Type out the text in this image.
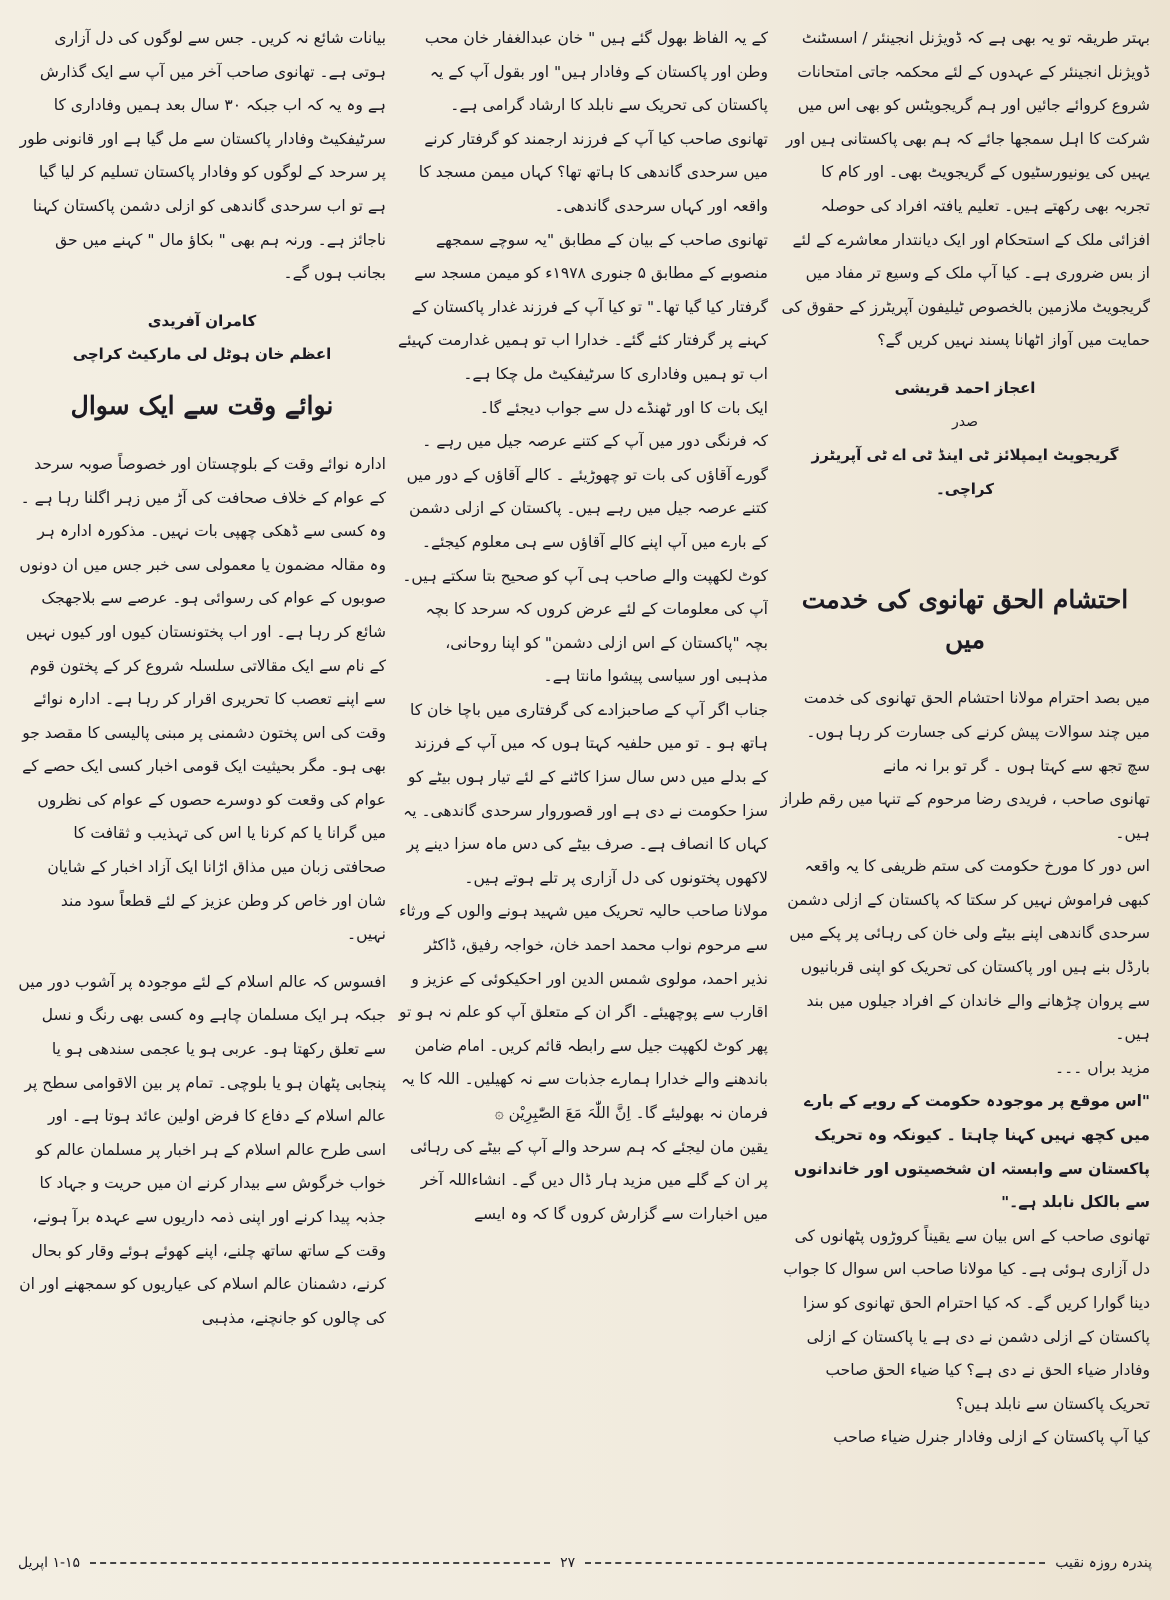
بہتر طریقہ تو یہ بھی ہے کہ ڈویژنل انجینئر / اسسٹنٹ ڈویژنل انجینئر کے عہدوں کے لئے محکمہ جاتی امتحانات شروع کروائے جائیں اور ہم گریجویٹس کو بھی اس میں شرکت کا اہل سمجھا جائے کہ ہم بھی پاکستانی ہیں اور یہیں کی یونیورسٹیوں کے گریجویٹ بھی۔ اور کام کا تجربہ بھی رکھتے ہیں۔ تعلیم یافتہ افراد کی حوصلہ افزائی ملک کے استحکام اور ایک دیانتدار معاشرے کے لئے از بس ضروری ہے۔ کیا آپ ملک کے وسیع تر مفاد میں گریجویٹ ملازمین بالخصوص ٹیلیفون آپریٹرز کے حقوق کی حمایت میں آواز اٹھانا پسند نہیں کریں گے؟

اعجاز احمد قریشی
صدر
گریجویٹ ایمپلائز ٹی اینڈ ٹی اے ٹی آپریٹرز کراچی۔
احتشام الحق تھانوی کی خدمت میں

میں بصد احترام مولانا احتشام الحق تھانوی کی خدمت میں چند سوالات پیش کرنے کی جسارت کر رہا ہوں۔

سچ تجھ سے کہتا ہوں ۔ گر تو برا نہ مانے

تھانوی صاحب ، فریدی رضا مرحوم کے تنہا میں رقم طراز ہیں۔

اس دور کا مورخ حکومت کی ستم ظریفی کا یہ واقعہ کبھی فراموش نہیں کر سکتا کہ پاکستان کے ازلی دشمن سرحدی گاندھی اپنے بیٹے ولی خان کی رہائی پر پکے میں بارڈل بنے ہیں اور پاکستان کی تحریک کو اپنی قربانیوں سے پروان چڑھانے والے خاندان کے افراد جیلوں میں بند ہیں۔

مزید براں ۔۔۔

"اس موقع پر موجودہ حکومت کے رویے کے بارے میں کچھ نہیں کہنا چاہتا ۔ کیونکہ وہ تحریک پاکستان سے وابستہ ان شخصیتوں اور خاندانوں سے بالکل نابلد ہے۔"

تھانوی صاحب کے اس بیان سے یقیناً کروڑوں پٹھانوں کی دل آزاری ہوئی ہے۔ کیا مولانا صاحب اس سوال کا جواب دینا گوارا کریں گے۔ کہ کیا احترام الحق تھانوی کو سزا پاکستان کے ازلی دشمن نے دی ہے یا پاکستان کے ازلی وفادار ضیاء الحق نے دی ہے؟ کیا ضیاء الحق صاحب تحریک پاکستان سے نابلد ہیں؟

کیا آپ پاکستان کے ازلی وفادار جنرل ضیاء صاحب

کے یہ الفاظ بھول گئے ہیں " خان عبدالغفار خان محب وطن اور پاکستان کے وفادار ہیں" اور بقول آپ کے یہ پاکستان کی تحریک سے نابلد کا ارشاد گرامی ہے۔

تھانوی صاحب کیا آپ کے فرزند ارجمند کو گرفتار کرنے میں سرحدی گاندھی کا ہاتھ تھا؟ کہاں میمن مسجد کا واقعہ اور کہاں سرحدی گاندھی۔

تھانوی صاحب کے بیان کے مطابق "یہ سوچے سمجھے منصوبے کے مطابق ۵ جنوری ۱۹۷۸ء کو میمن مسجد سے گرفتار کیا گیا تھا۔" تو کیا آپ کے فرزند غدار پاکستان کے کہنے پر گرفتار کئے گئے۔ خدارا اب تو ہمیں غدارمت کہیئے اب تو ہمیں وفاداری کا سرٹیفکیٹ مل چکا ہے۔

ایک بات کا اور ٹھنڈے دل سے جواب دیجئے گا۔

کہ فرنگی دور میں آپ کے کتنے عرصہ جیل میں رہے ۔ گورے آقاؤں کی بات تو چھوڑیئے ۔ کالے آقاؤں کے دور میں کتنے عرصہ جیل میں رہے ہیں۔ پاکستان کے ازلی دشمن کے بارے میں آپ اپنے کالے آقاؤں سے ہی معلوم کیجئے۔ کوٹ لکھپت والے صاحب ہی آپ کو صحیح بتا سکتے ہیں۔ آپ کی معلومات کے لئے عرض کروں کہ سرحد کا بچہ بچہ "پاکستان کے اس ازلی دشمن" کو اپنا روحانی، مذہبی اور سیاسی پیشوا مانتا ہے۔

جناب اگر آپ کے صاحبزادے کی گرفتاری میں باچا خان کا ہاتھ ہو ۔ تو میں حلفیہ کہتا ہوں کہ میں آپ کے فرزند کے بدلے میں دس سال سزا کاٹنے کے لئے تیار ہوں بیٹے کو سزا حکومت نے دی ہے اور قصوروار سرحدی گاندھی۔ یہ کہاں کا انصاف ہے۔ صرف بیٹے کی دس ماہ سزا دینے پر لاکھوں پختونوں کی دل آزاری پر تلے ہوتے ہیں۔

مولانا صاحب حالیہ تحریک میں شہید ہونے والوں کے ورثاء سے مرحوم نواب محمد احمد خان، خواجہ رفیق، ڈاکٹر نذیر احمد، مولوی شمس الدین اور احکیکوئی کے عزیز و اقارب سے پوچھیئے۔ اگر ان کے متعلق آپ کو علم نہ ہو تو پھر کوٹ لکھپت جیل سے رابطہ قائم کریں۔ امام ضامن باندھنے والے خدارا ہمارے جذبات سے نہ کھیلیں۔ اللہ کا یہ فرمان نہ بھولیئے گا۔ اِنَّ اللّٰہَ مَعَ الصّٰبِرِیْن ۞

یقین مان لیجئے کہ ہم سرحد والے آپ کے بیٹے کی رہائی پر ان کے گلے میں مزید ہار ڈال دیں گے۔ انشاءاللہ آخر میں اخبارات سے گزارش کروں گا کہ وہ ایسے

بیانات شائع نہ کریں۔ جس سے لوگوں کی دل آزاری ہوتی ہے۔ تھانوی صاحب آخر میں آپ سے ایک گذارش ہے وہ یہ کہ اب جبکہ ۳۰ سال بعد ہمیں وفاداری کا سرٹیفکیٹ وفادار پاکستان سے مل گیا ہے اور قانونی طور پر سرحد کے لوگوں کو وفادار پاکستان تسلیم کر لیا گیا ہے تو اب سرحدی گاندھی کو ازلی دشمن پاکستان کہنا ناجائز ہے۔ ورنہ ہم بھی " بکاؤ مال " کہنے میں حق بجانب ہوں گے۔

کامران آفریدی
اعظم خان ہوٹل لی مارکیٹ کراچی
نوائے وقت سے ایک سوال

ادارہ نوائے وقت کے بلوچستان اور خصوصاً صوبہ سرحد کے عوام کے خلاف صحافت کی آڑ میں زہر اگلنا رہا ہے ۔ وہ کسی سے ڈھکی چھپی بات نہیں۔ مذکورہ ادارہ ہر وہ مقالہ مضمون یا معمولی سی خبر جس میں ان دونوں صوبوں کے عوام کی رسوائی ہو۔ عرصے سے بلاجھجک شائع کر رہا ہے۔ اور اب پختونستان کیوں اور کیوں نہیں کے نام سے ایک مقالاتی سلسلہ شروع کر کے پختون قوم سے اپنے تعصب کا تحریری اقرار کر رہا ہے۔ ادارہ نوائے وقت کی اس پختون دشمنی پر مبنی پالیسی کا مقصد جو بھی ہو۔ مگر بحیثیت ایک قومی اخبار کسی ایک حصے کے عوام کی وقعت کو دوسرے حصوں کے عوام کی نظروں میں گرانا یا کم کرنا یا اس کی تہذیب و ثقافت کا صحافتی زبان میں مذاق اڑانا ایک آزاد اخبار کے شایان شان اور خاص کر وطن عزیز کے لئے قطعاً سود مند نہیں۔

افسوس کہ عالم اسلام کے لئے موجودہ پر آشوب دور میں جبکہ ہر ایک مسلمان چاہے وہ کسی بھی رنگ و نسل سے تعلق رکھتا ہو۔ عربی ہو یا عجمی سندھی ہو یا پنجابی پٹھان ہو یا بلوچی۔ تمام پر بین الاقوامی سطح پر عالم اسلام کے دفاع کا فرض اولین عائد ہوتا ہے۔ اور اسی طرح عالم اسلام کے ہر اخبار پر مسلمان عالم کو خواب خرگوش سے بیدار کرنے ان میں حریت و جہاد کا جذبہ پیدا کرنے اور اپنی ذمہ داریوں سے عہدہ برآ ہونے، وقت کے ساتھ ساتھ چلنے، اپنے کھوئے ہوئے وقار کو بحال کرنے، دشمنان عالم اسلام کی عیاریوں کو سمجھنے اور ان کی چالوں کو جانچنے، مذہبی

پندرہ روزہ نقیب
۲۷
۱-۱۵ اپریل
